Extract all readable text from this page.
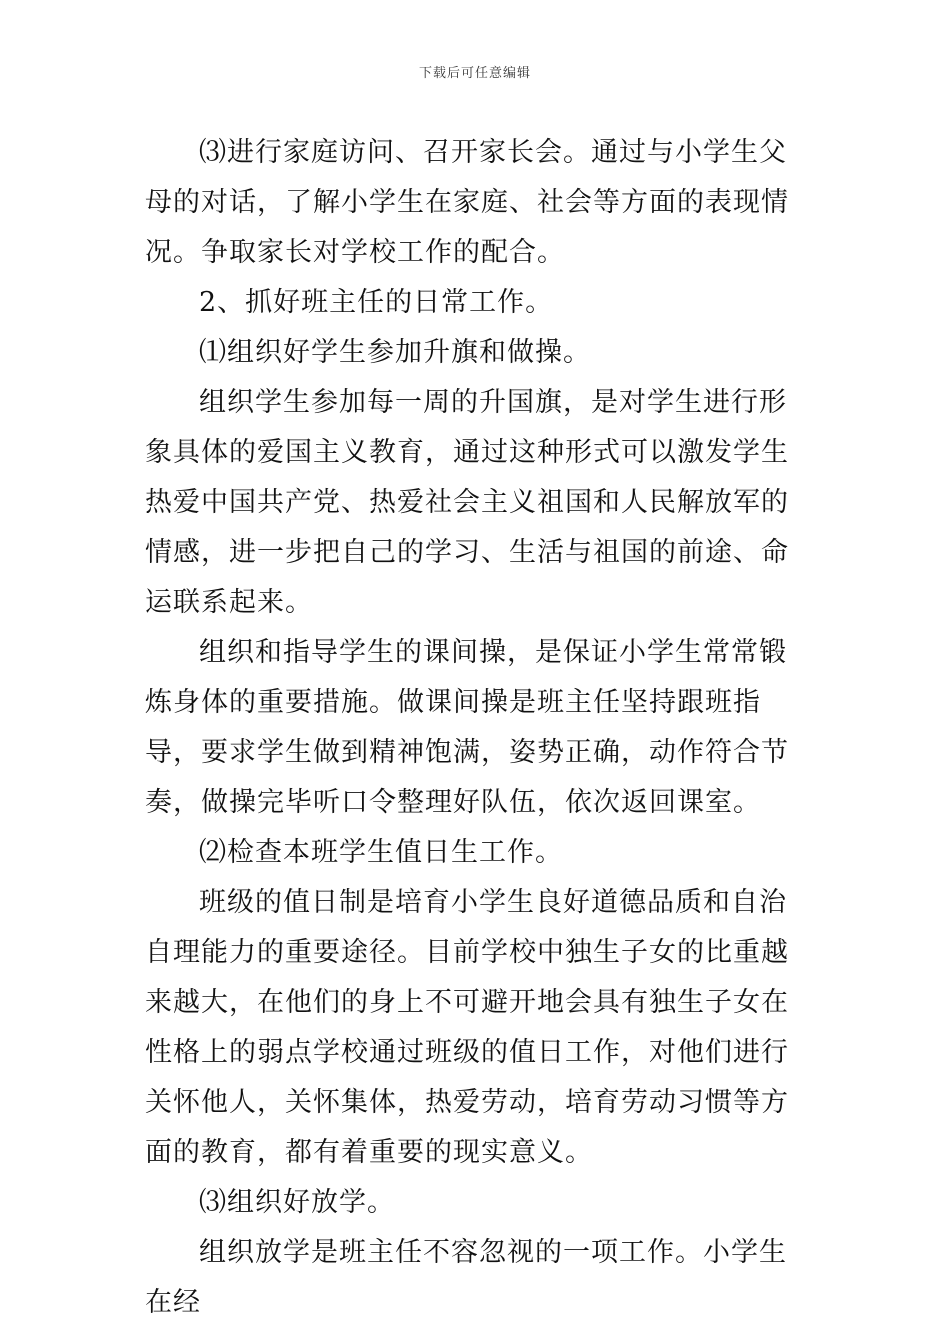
下载后可任意编辑

⑶进行家庭访问、召开家长会。通过与小学生父母的对话，了解小学生在家庭、社会等方面的表现情况。争取家长对学校工作的配合。

2、抓好班主任的日常工作。

⑴组织好学生参加升旗和做操。

组织学生参加每一周的升国旗，是对学生进行形象具体的爱国主义教育，通过这种形式可以激发学生热爱中国共产党、热爱社会主义祖国和人民解放军的情感，进一步把自己的学习、生活与祖国的前途、命运联系起来。

组织和指导学生的课间操，是保证小学生常常锻炼身体的重要措施。做课间操是班主任坚持跟班指导，要求学生做到精神饱满，姿势正确，动作符合节奏，做操完毕听口令整理好队伍，依次返回课室。

⑵检查本班学生值日生工作。

班级的值日制是培育小学生良好道德品质和自治自理能力的重要途径。目前学校中独生子女的比重越来越大，在他们的身上不可避开地会具有独生子女在性格上的弱点学校通过班级的值日工作，对他们进行关怀他人，关怀集体，热爱劳动，培育劳动习惯等方面的教育，都有着重要的现实意义。

⑶组织好放学。

组织放学是班主任不容忽视的一项工作。小学生在经
